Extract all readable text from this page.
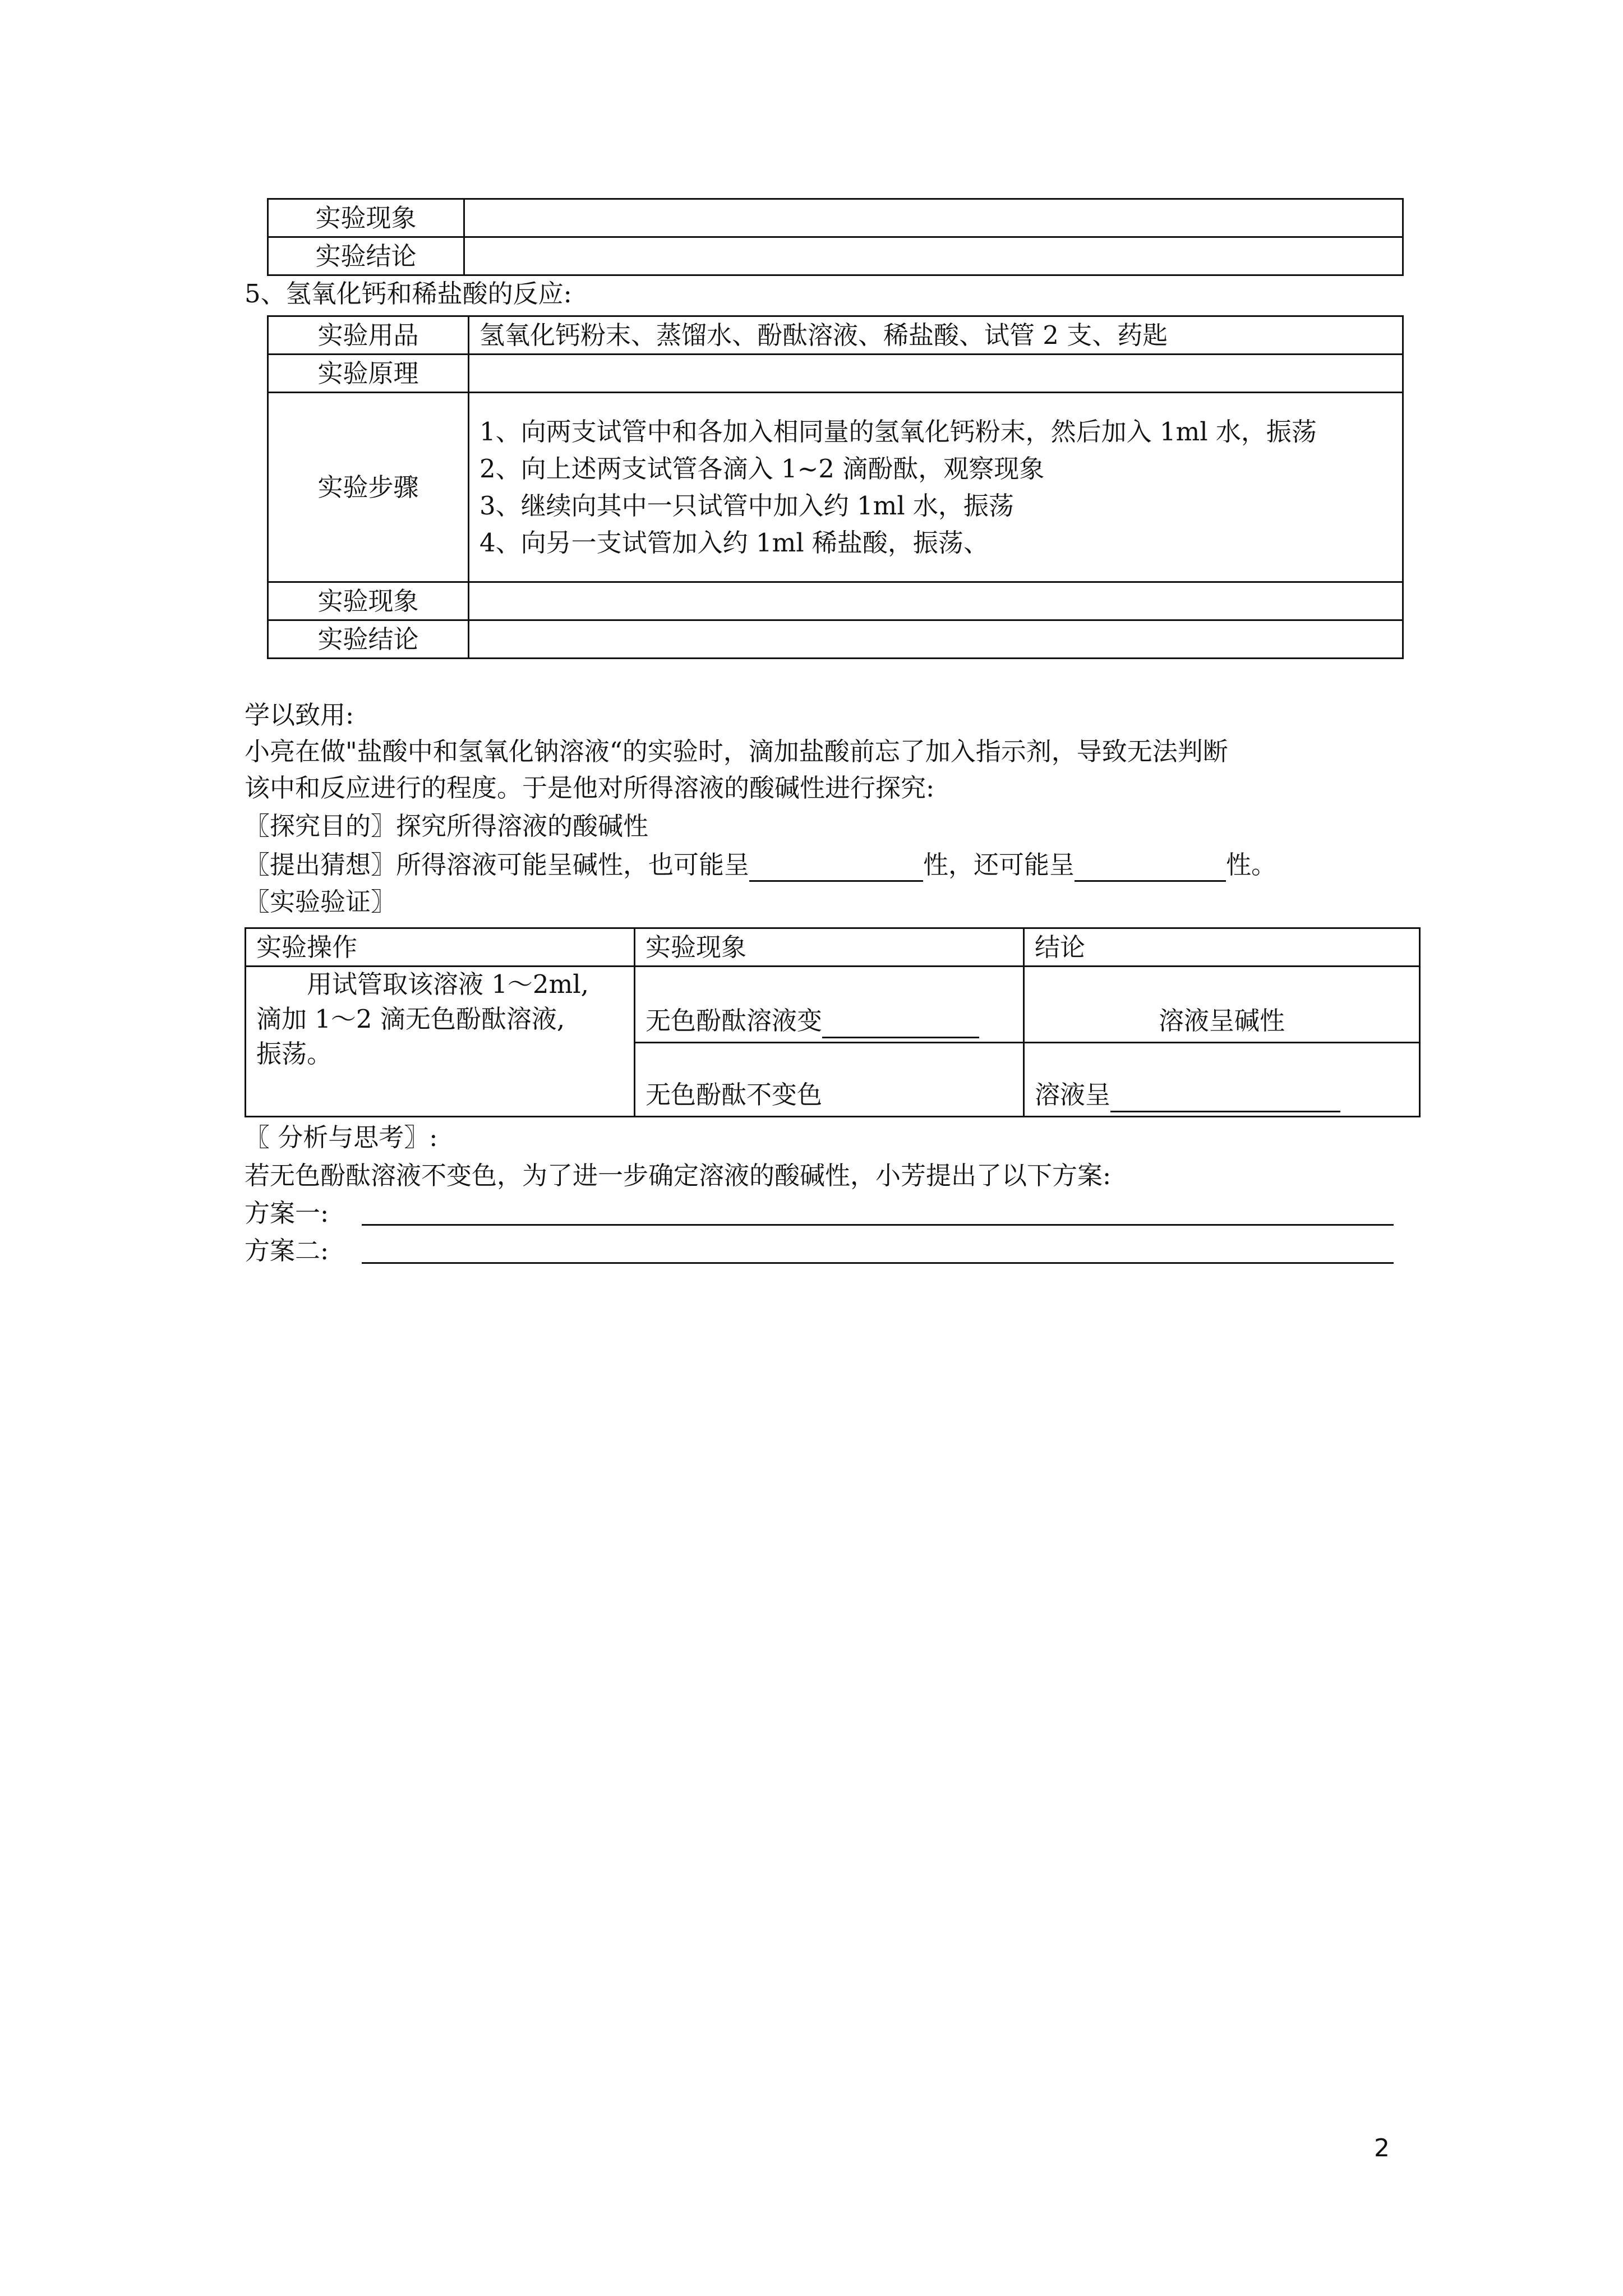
实验现象	
实验结论	
5、氢氧化钙和稀盐酸的反应:
实验用品	氢氧化钙粉末、蒸馏水、酚酞溶液、稀盐酸、试管 2 支、药匙
实验原理	
实验步骤	1、向两支试管中和各加入相同量的氢氧化钙粉末，然后加入 1ml 水，振荡
2、向上述两支试管各滴入 1~2 滴酚酞，观察现象
3、继续向其中一只试管中加入约 1ml 水，振荡
4、向另一支试管加入约 1ml 稀盐酸，振荡、

实验现象	
实验结论	
学以致用:
小亮在做"盐酸中和氢氧化钠溶液“的实验时，滴加盐酸前忘了加入指示剂，导致无法判断
该中和反应进行的程度。于是他对所得溶液的酸碱性进行探究:
〖探究目的〗探究所得溶液的酸碱性
〖提出猜想〗所得溶液可能呈碱性，也可能呈	性，还可能呈	性。
〖实验验证〗
实验操作	实验现象	结论

用试管取该溶液 1～2ml,
滴加 1～2 滴无色酚酞溶液,
振荡。	无色酚酞溶液变	溶液呈碱性
	无色酚酞不变色	溶液呈
〖 分析与思考〗:
若无色酚酞溶液不变色，为了进一步确定溶液的酸碱性，小芳提出了以下方案:
方案一:
方案二:
2
